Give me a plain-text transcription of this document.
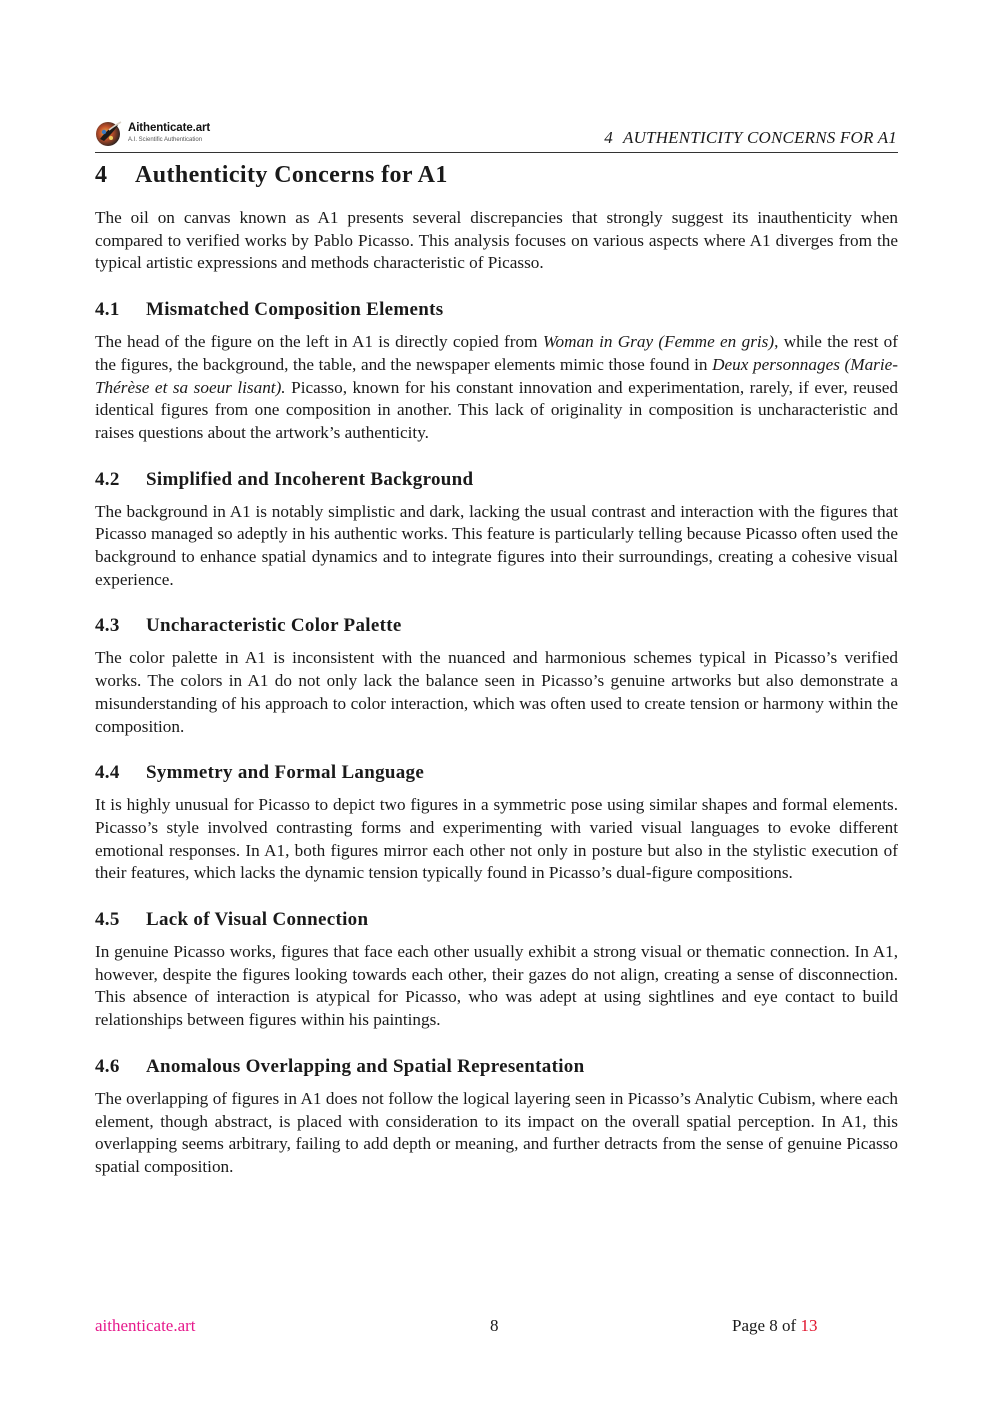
Aithenticate.art
A.I. Scientific Authentication	4 AUTHENTICITY CONCERNS FOR A1
4 Authenticity Concerns for A1

The oil on canvas known as A1 presents several discrepancies that strongly suggest its inauthenticity when compared to verified works by Pablo Picasso. This analysis focuses on various aspects where A1 diverges from the typical artistic expressions and methods characteristic of Picasso.

4.1 Mismatched Composition Elements

The head of the figure on the left in A1 is directly copied from Woman in Gray (Femme en gris), while the rest of the figures, the background, the table, and the newspaper elements mimic those found in Deux personnages (Marie-Thérèse et sa soeur lisant). Picasso, known for his constant innovation and experimentation, rarely, if ever, reused identical figures from one composition in another. This lack of originality in composition is uncharacteristic and raises questions about the artwork’s authenticity.

4.2 Simplified and Incoherent Background

The background in A1 is notably simplistic and dark, lacking the usual contrast and interaction with the figures that Picasso managed so adeptly in his authentic works. This feature is particularly telling because Picasso often used the background to enhance spatial dynamics and to integrate figures into their surroundings, creating a cohesive visual experience.

4.3 Uncharacteristic Color Palette

The color palette in A1 is inconsistent with the nuanced and harmonious schemes typical in Picasso’s verified works. The colors in A1 do not only lack the balance seen in Picasso’s genuine artworks but also demonstrate a misunderstanding of his approach to color interaction, which was often used to create tension or harmony within the composition.

4.4 Symmetry and Formal Language

It is highly unusual for Picasso to depict two figures in a symmetric pose using similar shapes and formal elements. Picasso’s style involved contrasting forms and experimenting with varied visual languages to evoke different emotional responses. In A1, both figures mirror each other not only in posture but also in the stylistic execution of their features, which lacks the dynamic tension typically found in Picasso’s dual-figure compositions.

4.5 Lack of Visual Connection

In genuine Picasso works, figures that face each other usually exhibit a strong visual or thematic connection. In A1, however, despite the figures looking towards each other, their gazes do not align, creating a sense of disconnection. This absence of interaction is atypical for Picasso, who was adept at using sightlines and eye contact to build relationships between figures within his paintings.

4.6 Anomalous Overlapping and Spatial Representation

The overlapping of figures in A1 does not follow the logical layering seen in Picasso’s Analytic Cubism, where each element, though abstract, is placed with consideration to its impact on the overall spatial perception. In A1, this overlapping seems arbitrary, failing to add depth or meaning, and further detracts from the sense of genuine Picasso spatial composition.

aithenticate.art	8	Page 8 of 13
